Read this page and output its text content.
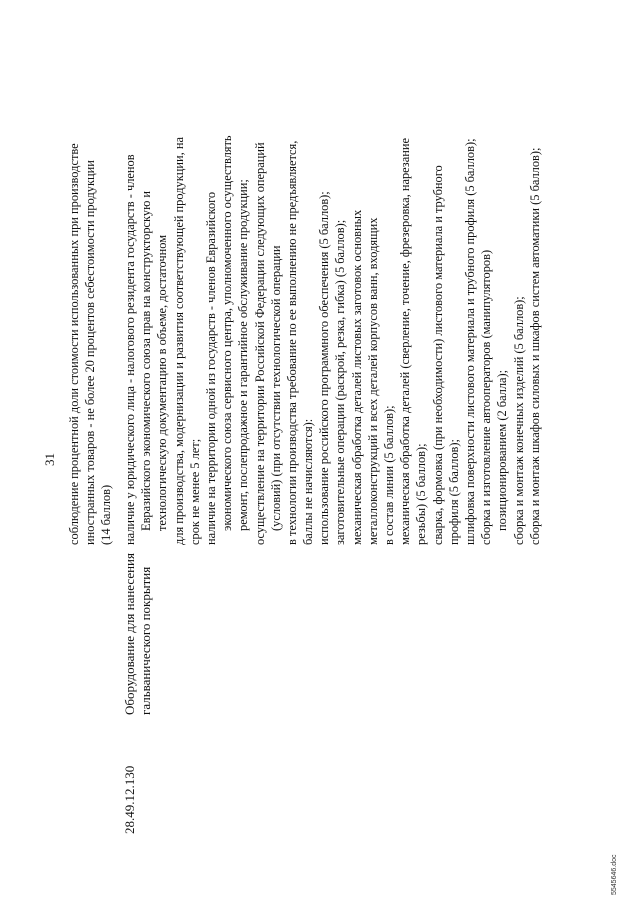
31 соблюдение процентной доли стоимости использованных при производстве иностранных товаров - не более 20 процентов себестоимости продукции (14 баллов)
28.49.12.130
Оборудование для нанесения гальванического покрытия
наличие у юридического лица - налогового резидента государств - членов Евразийского экономического союза прав на конструкторскую и технологическую документацию в объеме, достаточном для производства, модернизации и развития соответствующей продукции, на срок не менее 5 лет; наличие на территории одной из государств - членов Евразийского экономического союза сервисного центра, уполномоченного осуществлять ремонт, послепродажное и гарантийное обслуживание продукции; осуществление на территории Российской Федерации следующих операций (условий) (при отсутствии технологической операции в технологии производства требование по ее выполнению не предъявляется, баллы не начисляются): использование российского программного обеспечения (5 баллов); заготовительные операции (раскрой, резка, гибка) (5 баллов); механическая обработка деталей листовых заготовок основных металлоконструкций и всех деталей корпусов ванн, входящих в состав линии (5 баллов); механическая обработка деталей (сверление, точение, фрезеровка, нарезание резьбы) (5 баллов); сварка, формовка (при необходимости) листового материала и трубного профиля (5 баллов); шлифовка поверхности листового материала и трубного профиля (5 баллов); сборка и изготовление автооператоров (манипуляторов) позиционированием (2 балла); сборка и монтаж конечных изделий (5 баллов); сборка и монтаж шкафов силовых и шкафов систем автоматики (5 баллов);
5545646.doc
